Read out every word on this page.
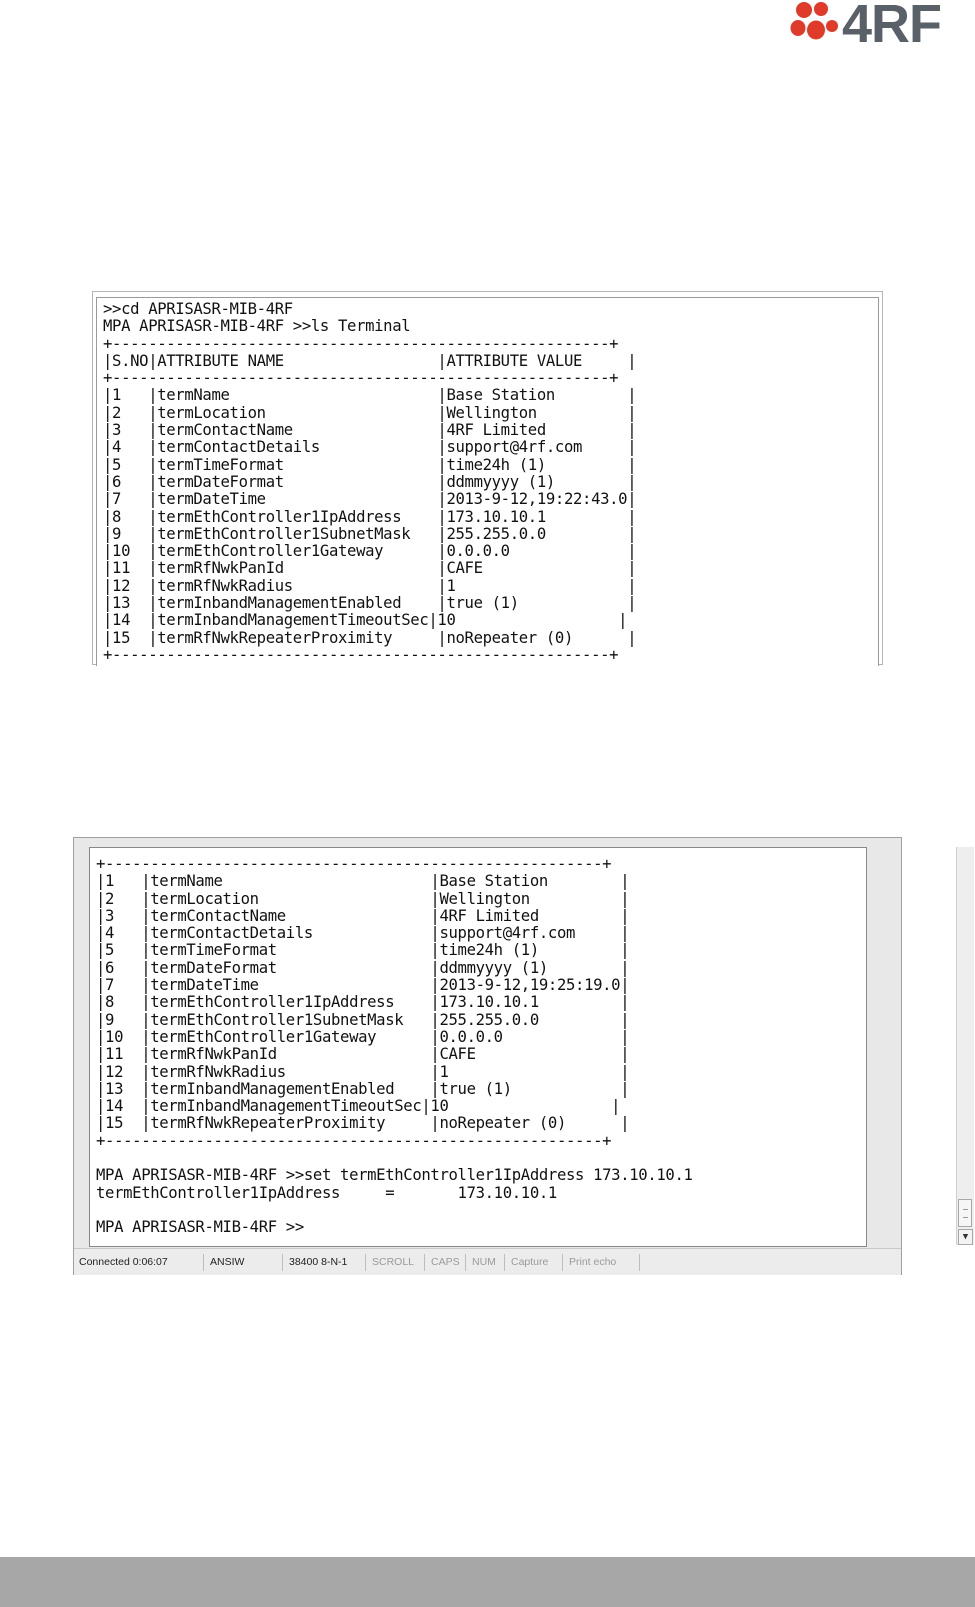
4RF
>>cd APRISASR-MIB-4RF
MPA APRISASR-MIB-4RF >>ls Terminal
+-------------------------------------------------------+
|S.NO|ATTRIBUTE NAME                 |ATTRIBUTE VALUE     |
+-------------------------------------------------------+
|1   |termName                       |Base Station        |
|2   |termLocation                   |Wellington          |
|3   |termContactName                |4RF Limited         |
|4   |termContactDetails             |support@4rf.com     |
|5   |termTimeFormat                 |time24h (1)         |
|6   |termDateFormat                 |ddmmyyyy (1)        |
|7   |termDateTime                   |2013-9-12,19:22:43.0|
|8   |termEthController1IpAddress    |173.10.10.1         |
|9   |termEthController1SubnetMask   |255.255.0.0         |
|10  |termEthController1Gateway      |0.0.0.0             |
|11  |termRfNwkPanId                 |CAFE                |
|12  |termRfNwkRadius                |1                   |
|13  |termInbandManagementEnabled    |true (1)            |
|14  |termInbandManagementTimeoutSec|10                  |
|15  |termRfNwkRepeaterProximity     |noRepeater (0)      |
+-------------------------------------------------------+

+-------------------------------------------------------+
|1   |termName                       |Base Station        |
|2   |termLocation                   |Wellington          |
|3   |termContactName                |4RF Limited         |
|4   |termContactDetails             |support@4rf.com     |
|5   |termTimeFormat                 |time24h (1)         |
|6   |termDateFormat                 |ddmmyyyy (1)        |
|7   |termDateTime                   |2013-9-12,19:25:19.0|
|8   |termEthController1IpAddress    |173.10.10.1         |
|9   |termEthController1SubnetMask   |255.255.0.0         |
|10  |termEthController1Gateway      |0.0.0.0             |
|11  |termRfNwkPanId                 |CAFE                |
|12  |termRfNwkRadius                |1                   |
|13  |termInbandManagementEnabled    |true (1)            |
|14  |termInbandManagementTimeoutSec|10                  |
|15  |termRfNwkRepeaterProximity     |noRepeater (0)      |
+-------------------------------------------------------+

MPA APRISASR-MIB-4RF >>set termEthController1IpAddress 173.10.10.1
termEthController1IpAddress     =       173.10.10.1

MPA APRISASR-MIB-4RF >>

▼
Connected 0:06:07	ANSIW	38400 8-N-1	SCROLL	CAPS	NUM	Capture	Print echo
